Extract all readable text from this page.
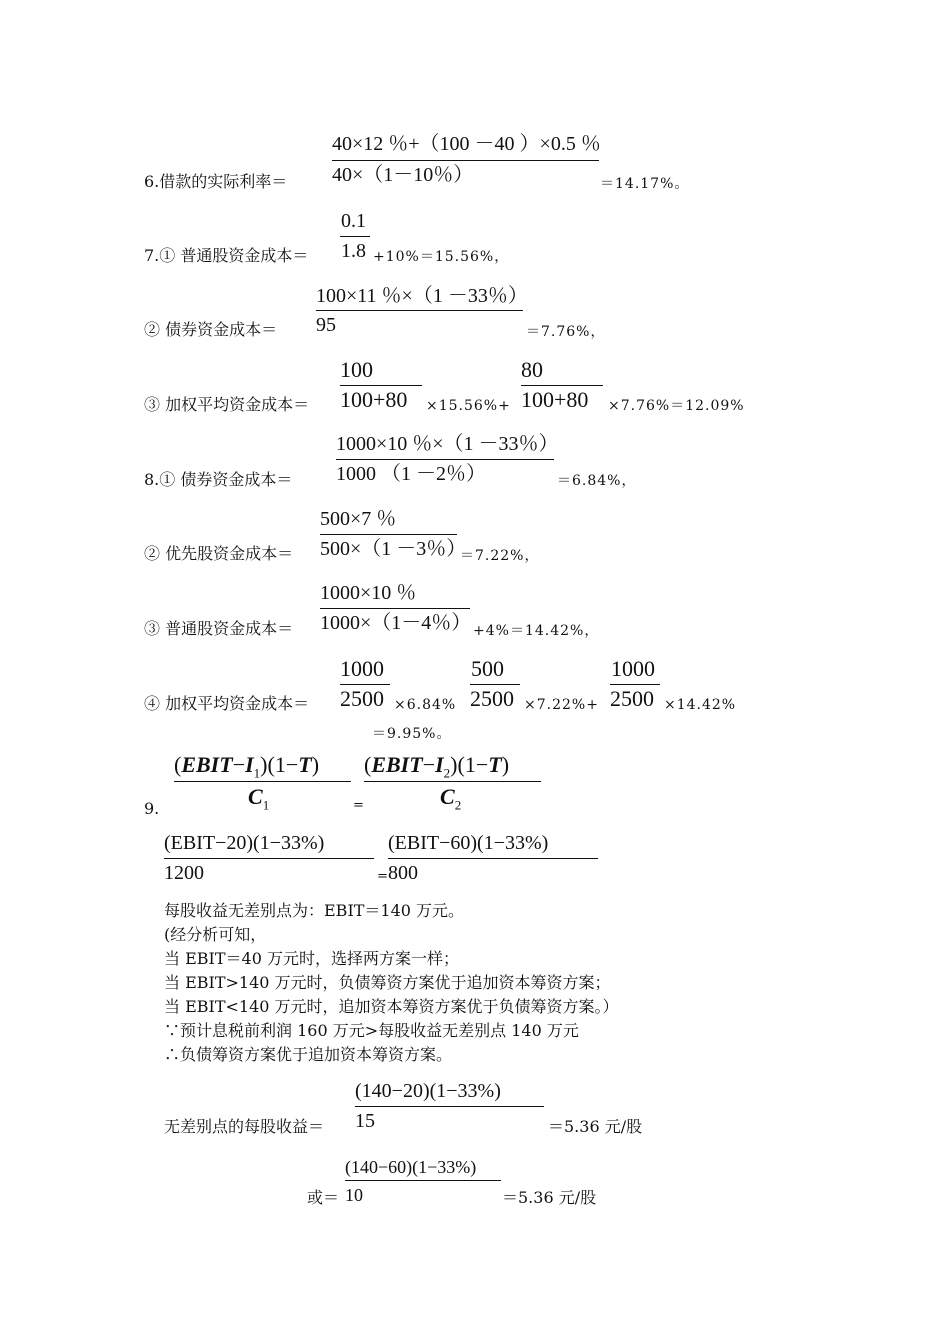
40×12 ％+（100 －40 ）×0.5 ％
40×（1－10％）
6.借款的实际利率＝	＝14.17%。
0.1
1.8
7.① 普通股资金成本＝	+10%＝15.56%，
100×11 ％×（1 －33％）
95
② 债券资金成本＝	＝7.76%，
100
100+80
③ 加权平均资金成本＝	×15.56%+
80
100+80 ×7.76%＝12.09%
1000×10 ％×（1 －33％）
1000 （1 －2％）
8.① 债券资金成本＝	＝6.84%，
500×7 ％
500×（1 －3％）
② 优先股资金成本＝	＝7.22%，
1000×10 ％
1000×（1－4％）
③ 普通股资金成本＝	+4%＝14.42%，
1000
2500
④ 加权平均资金成本＝	×6.84%
500
2500 ×7.22%+
1000
2500 ×14.42%
＝9.95%。
9.
$(EBIT-I_1)(1-T)$
$C_1$	=
$(EBIT-I_2)(1-T)$
$C_2$
(EBIT−20)(1−33%)
1200	=
(EBIT−60)(1−33%)
800
每股收益无差别点为：EBIT＝140 万元。
(经分析可知，
当 EBIT＝40 万元时，选择两方案一样；
当 EBIT>140 万元时，负债筹资方案优于追加资本筹资方案；
当 EBIT<140 万元时，追加资本筹资方案优于负债筹资方案。）
∵预计息税前利润 160 万元>每股收益无差别点 140 万元
∴负债筹资方案优于追加资本筹资方案。
(140−20)(1−33%)
15
无差别点的每股收益＝	＝5.36 元/股
(140−60)(1−33%)
10
或＝	＝5.36 元/股
